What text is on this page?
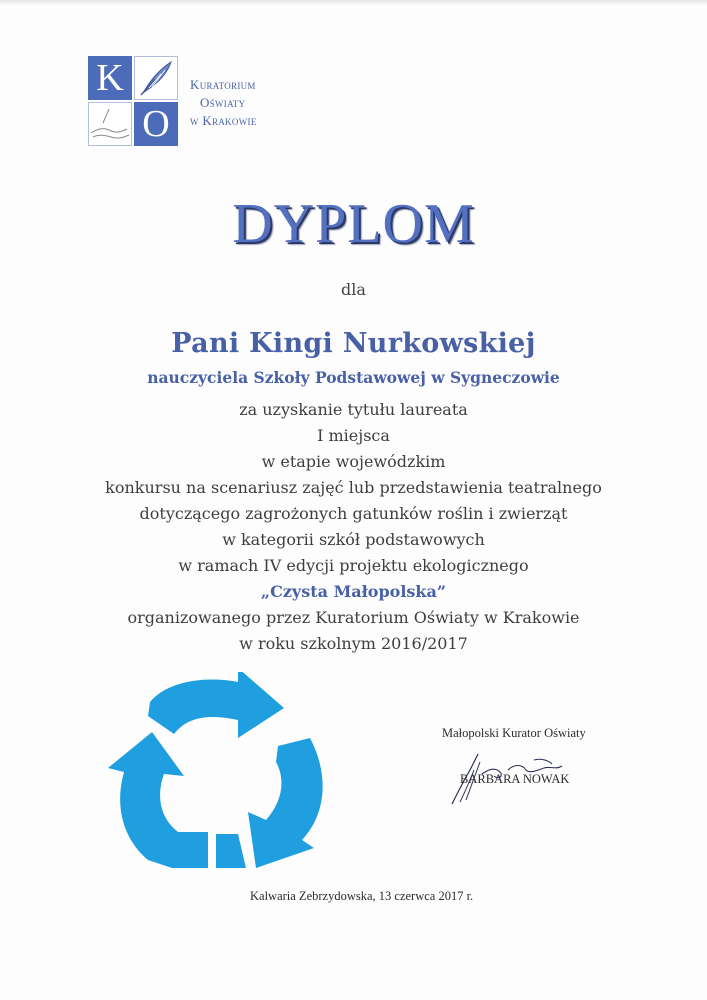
K
O
Kuratorium
Oświaty
w Krakowie
DYPLOM
dla
Pani Kingi Nurkowskiej
nauczyciela Szkoły Podstawowej w Sygneczowie
za uzyskanie tytułu laureata
I miejsca
w etapie wojewódzkim
konkursu na scenariusz zajęć lub przedstawienia teatralnego
dotyczącego zagrożonych gatunków roślin i zwierząt
w kategorii szkół podstawowych
w ramach IV edycji projektu ekologicznego
„Czysta Małopolska”
organizowanego przez Kuratorium Oświaty w Krakowie
w roku szkolnym 2016/2017
Małopolski Kurator Oświaty
BARBARA NOWAK
Kalwaria Zebrzydowska, 13 czerwca 2017 r.
